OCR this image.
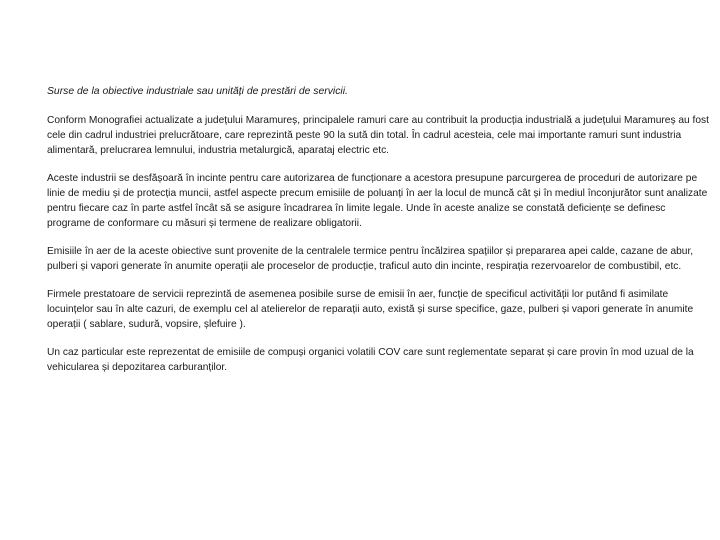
Surse de la obiective industriale sau unități de prestări de servicii.

Conform Monografiei actualizate a județului Maramureș, principalele ramuri care au contribuit la producția industrială a județului Maramureș au fost cele din cadrul industriei prelucrătoare, care reprezintă peste 90 la sută din total. În cadrul acesteia, cele mai importante ramuri sunt industria alimentară, prelucrarea lemnului, industria metalurgică, aparataj electric etc.

Aceste industrii se desfășoară în incinte pentru care autorizarea de funcționare a acestora presupune parcurgerea de proceduri de autorizare pe linie de mediu și de protecția muncii, astfel aspecte precum emisiile de poluanți în aer la locul de muncă cât și în mediul înconjurător sunt analizate pentru fiecare caz în parte astfel încât să se asigure încadrarea în limite legale. Unde în aceste analize se constată deficiențe se definesc programe de conformare cu măsuri și termene de realizare obligatorii.

Emisiile în aer de la aceste obiective sunt provenite de la centralele termice pentru încălzirea spațiilor și prepararea apei calde, cazane de abur, pulberi și vapori generate în anumite operații ale proceselor de producție, traficul auto din incinte, respirația rezervoarelor de combustibil, etc.

Firmele prestatoare de servicii reprezintă de asemenea posibile surse de emisii în aer, funcție de specificul activității lor putând fi asimilate locuințelor sau în alte cazuri, de exemplu cel al atelierelor de reparații auto, există și surse specifice, gaze, pulberi și vapori generate în anumite operații ( sablare, sudură, vopsire, șlefuire ).

Un caz particular este reprezentat de emisiile de compuși organici volatili COV care sunt reglementate separat și care provin în mod uzual de la vehicularea și depozitarea carburanților.
